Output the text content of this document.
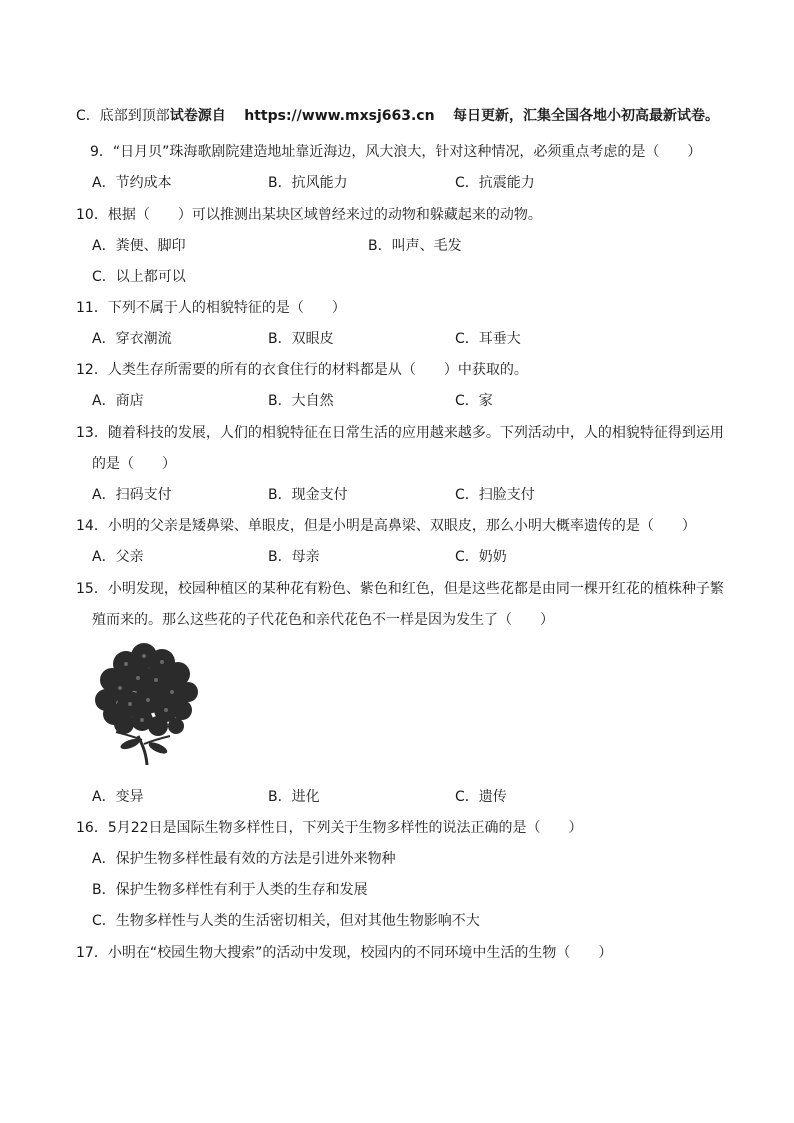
C．底部到顶部试卷源自 https://www.mxsj663.cn 每日更新，汇集全国各地小初高最新试卷。
9．“日月贝”珠海歌剧院建造地址靠近海边，风大浪大，针对这种情况，必须重点考虑的是（　　）
A．节约成本	B．抗风能力	C．抗震能力
10．根据（　　）可以推测出某块区域曾经来过的动物和躲藏起来的动物。
A．粪便、脚印	B．叫声、毛发
C．以上都可以
11．下列不属于人的相貌特征的是（　　）
A．穿衣潮流	B．双眼皮	C．耳垂大
12．人类生存所需要的所有的衣食住行的材料都是从（　　）中获取的。
A．商店	B．大自然	C．家
13．随着科技的发展，人们的相貌特征在日常生活的应用越来越多。下列活动中，人的相貌特征得到运用
的是（　　）
A．扫码支付	B．现金支付	C．扫脸支付
14．小明的父亲是矮鼻梁、单眼皮，但是小明是高鼻梁、双眼皮，那么小明大概率遗传的是（　　）
A．父亲	B．母亲	C．奶奶
15．小明发现，校园种植区的某种花有粉色、紫色和红色，但是这些花都是由同一棵开红花的植株种子繁
殖而来的。那么这些花的子代花色和亲代花色不一样是因为发生了（　　）
A．变异	B．进化	C．遗传
16．5月22日是国际生物多样性日，下列关于生物多样性的说法正确的是（　　）
A．保护生物多样性最有效的方法是引进外来物种
B．保护生物多样性有利于人类的生存和发展
C．生物多样性与人类的生活密切相关，但对其他生物影响不大
17．小明在“校园生物大搜索”的活动中发现，校园内的不同环境中生活的生物（　　）
